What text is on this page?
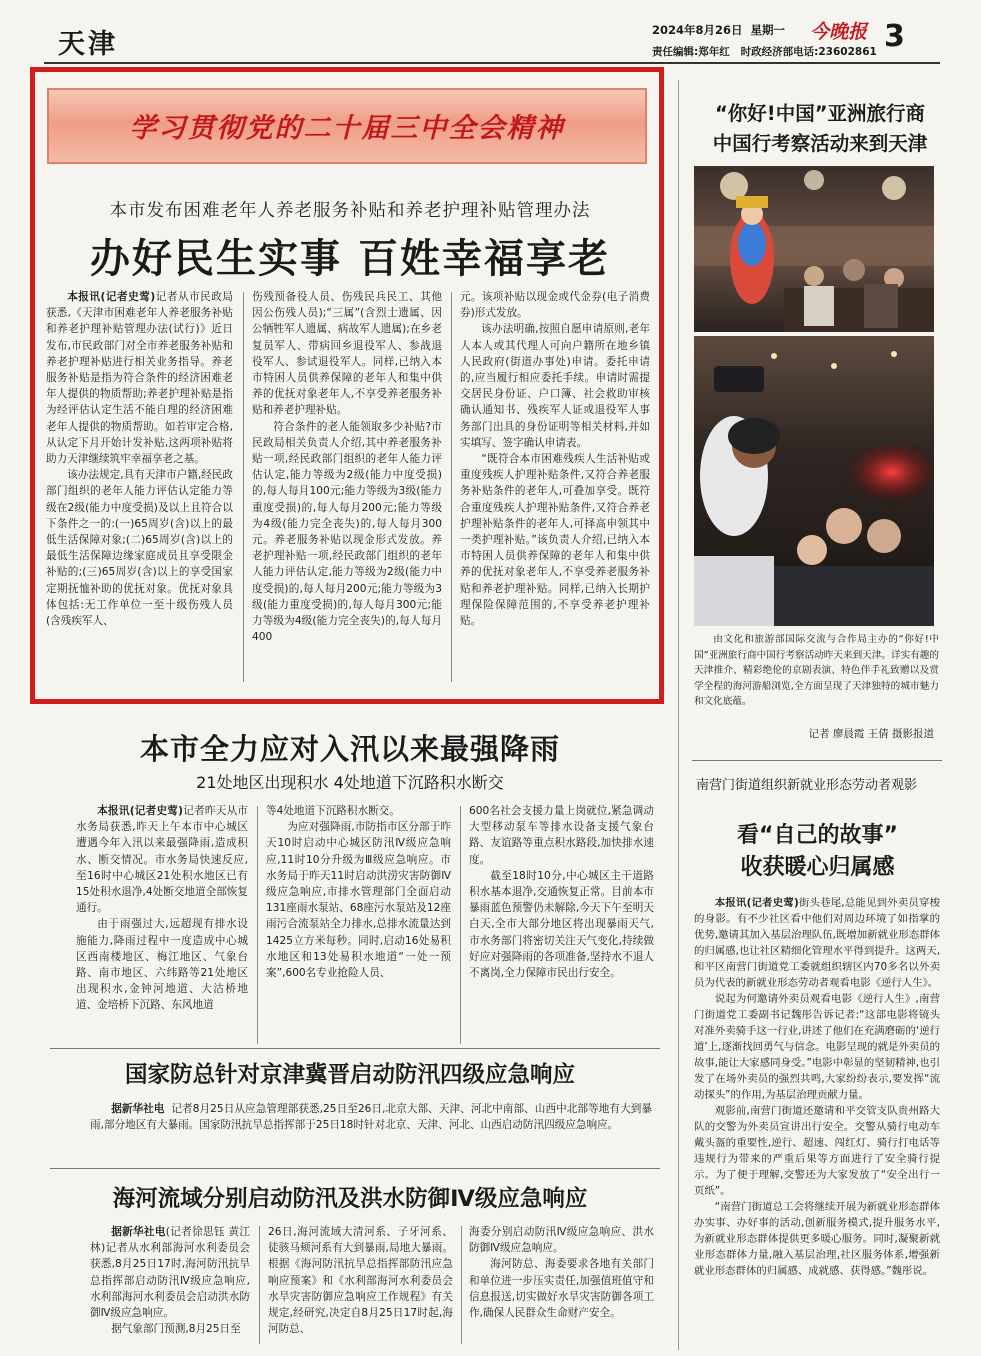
天津	2024年8月26日 星期一 今晚报 3
责任编辑:郑年红 时政经济部电话:23602861
学习贯彻党的二十届三中全会精神
本市发布困难老年人养老服务补贴和养老护理补贴管理办法
办好民生实事 百姓幸福享老

本报讯(记者史莺)记者从市民政局获悉,《天津市困难老年人养老服务补贴和养老护理补贴管理办法(试行)》近日发布,市民政部门对全市养老服务补贴和养老护理补贴进行相关业务指导。养老服务补贴是指为符合条件的经济困难老年人提供的物质帮助;养老护理补贴是指为经评估认定生活不能自理的经济困难老年人提供的物质帮助。如若审定合格,从认定下月开始计发补贴,这两项补贴将助力天津继续筑牢幸福享老之基。

该办法规定,具有天津市户籍,经民政部门组织的老年人能力评估认定能力等级在2级(能力中度受损)及以上且符合以下条件之一的:(一)65周岁(含)以上的最低生活保障对象;(二)65周岁(含)以上的最低生活保障边缘家庭成员且享受限金补贴的;(三)65周岁(含)以上的享受国家定期抚恤补助的优抚对象。优抚对象具体包括:无工作单位一至十级伤残人员(含残疾军人、

伤残预备役人员、伤残民兵民工、其他因公伤残人员);“三属”(含烈士遗属、因公牺牲军人遗属、病故军人遗属);在乡老复员军人、带病回乡退役军人、参战退役军人、参试退役军人。同样,已纳入本市特困人员供养保障的老年人和集中供养的优抚对象老年人,不享受养老服务补贴和养老护理补贴。

符合条件的老人能领取多少补贴?市民政局相关负责人介绍,其中养老服务补贴一项,经民政部门组织的老年人能力评估认定,能力等级为2级(能力中度受损)的,每人每月100元;能力等级为3级(能力重度受损)的,每人每月200元;能力等级为4级(能力完全丧失)的,每人每月300元。养老服务补贴以现金形式发放。养老护理补贴一项,经民政部门组织的老年人能力评估认定,能力等级为2级(能力中度受损)的,每人每月200元;能力等级为3级(能力重度受损)的,每人每月300元;能力等级为4级(能力完全丧失)的,每人每月400

元。该项补贴以现金或代金券(电子消费券)形式发放。

该办法明确,按照自愿申请原则,老年人本人或其代理人可向户籍所在地乡镇人民政府(街道办事处)申请。委托申请的,应当履行相应委托手续。申请时需提交居民身份证、户口簿、社会救助审核确认通知书、残疾军人证或退役军人事务部门出具的身份证明等相关材料,并如实填写、签字确认申请表。

“既符合本市困难残疾人生活补贴或重度残疾人护理补贴条件,又符合养老服务补贴条件的老年人,可叠加享受。既符合重度残疾人护理补贴条件,又符合养老护理补贴条件的老年人,可择高申领其中一类护理补贴。”该负责人介绍,已纳入本市特困人员供养保障的老年人和集中供养的优抚对象老年人,不享受养老服务补贴和养老护理补贴。同样,已纳入长期护理保险保障范围的,不享受养老护理补贴。

本市全力应对入汛以来最强降雨
21处地区出现积水 4处地道下沉路积水断交

本报讯(记者史莺)记者昨天从市水务局获悉,昨天上午本市中心城区遭遇今年入汛以来最强降雨,造成积水、断交情况。市水务局快速反应,至16时中心城区21处积水地区已有15处积水退净,4处断交地道全部恢复通行。

由于雨强过大,远超现有排水设施能力,降雨过程中一度造成中心城区西南楼地区、梅江地区、气象台路、南市地区、六纬路等21处地区出现积水,金钟河地道、大沽桥地道、金培桥下沉路、东风地道

等4处地道下沉路积水断交。

为应对强降雨,市防指市区分部于昨天10时启动中心城区防汛Ⅳ级应急响应,11时10分升级为Ⅲ级应急响应。市水务局于昨天11时启动洪涝灾害防御Ⅳ级应急响应,市排水管理部门全面启动131座雨水泵站、68座污水泵站及12座雨污合流泵站全力排水,总排水流量达到1425立方米每秒。同时,启动16处易积水地区和13处易积水地道“一处一预案”,600名专业抢险人员、

600名社会支援力量上岗就位,紧急调动大型移动泵车等排水设备支援气象台路、友谊路等重点积水路段,加快排水速度。

截至18时10分,中心城区主干道路积水基本退净,交通恢复正常。目前本市暴雨蓝色预警仍未解除,今天下午至明天白天,全市大部分地区将出现暴雨天气,市水务部门将密切关注天气变化,持续做好应对强降雨的各项准备,坚持水不退人不离岗,全力保障市民出行安全。

国家防总针对京津冀晋启动防汛四级应急响应

据新华社电 记者8月25日从应急管理部获悉,25日至26日,北京大部、天津、河北中南部、山西中北部等地有大到暴雨,部分地区有大暴雨。国家防汛抗旱总指挥部于25日18时针对北京、天津、河北、山西启动防汛四级应急响应。

海河流域分别启动防汛及洪水防御Ⅳ级应急响应

据新华社电(记者徐思钰 黄江林)记者从水利部海河水利委员会获悉,8月25日17时,海河防汛抗旱总指挥部启动防汛Ⅳ级应急响应,水利部海河水利委员会启动洪水防御Ⅳ级应急响应。

据气象部门预测,8月25日至

26日,海河流域大清河系、子牙河系、徒骇马颊河系有大到暴雨,局地大暴雨。根据《海河防汛抗旱总指挥部防汛应急响应预案》和《水利部海河水利委员会水旱灾害防御应急响应工作规程》有关规定,经研究,决定自8月25日17时起,海河防总、

海委分别启动防汛Ⅳ级应急响应、洪水防御Ⅳ级应急响应。

海河防总、海委要求各地有关部门和单位进一步压实责任,加强值班值守和信息报送,切实做好水旱灾害防御各项工作,确保人民群众生命财产安全。

“你好!中国”亚洲旅行商
中国行考察活动来到天津
由文化和旅游部国际交流与合作局主办的“你好!中国”亚洲旅行商中国行考察活动昨天来到天津。详实有趣的天津推介、精彩绝伦的京剧表演、特色伴手礼致赠以及赏学全程的海河游船浏览,全方面呈现了天津独特的城市魅力和文化底蕴。
记者 廖晨霞 王倩 摄影报道
南营门街道组织新就业形态劳动者观影
看“自己的故事”
收获暖心归属感

本报讯(记者史莺)街头巷尾,总能见到外卖员穿梭的身影。有不少社区看中他们对周边环境了如指掌的优势,邀请其加入基层治理队伍,既增加新就业形态群体的归属感,也让社区精细化管理水平得到提升。这两天,和平区南营门街道党工委就组织辖区内70多名以外卖员为代表的新就业形态劳动者观看电影《逆行人生》。

说起为何邀请外卖员观看电影《逆行人生》,南营门街道党工委副书记魏彤告诉记者:“这部电影将镜头对准外卖骑手这一行业,讲述了他们在充满磨砺的‘逆行道’上,逐渐找回勇气与信念。电影呈现的就是外卖员的故事,能让大家感同身受。”电影中彰显的坚韧精神,也引发了在场外卖员的强烈共鸣,大家纷纷表示,要发挥“流动探头”的作用,为基层治理贡献力量。

观影前,南营门街道还邀请和平交管支队贵州路大队的交警为外卖员宣讲出行安全。交警从骑行电动车戴头盔的重要性,逆行、超速、闯红灯、骑行打电话等违规行为带来的严重后果等方面进行了安全骑行提示。为了便于理解,交警还为大家发放了“安全出行一页纸”。

“南营门街道总工会将继续开展为新就业形态群体办实事、办好事的活动,创新服务模式,提升服务水平,为新就业形态群体提供更多暖心服务。同时,凝聚新就业形态群体力量,融入基层治理,社区服务体系,增强新就业形态群体的归属感、成就感、获得感。”魏彤说。
